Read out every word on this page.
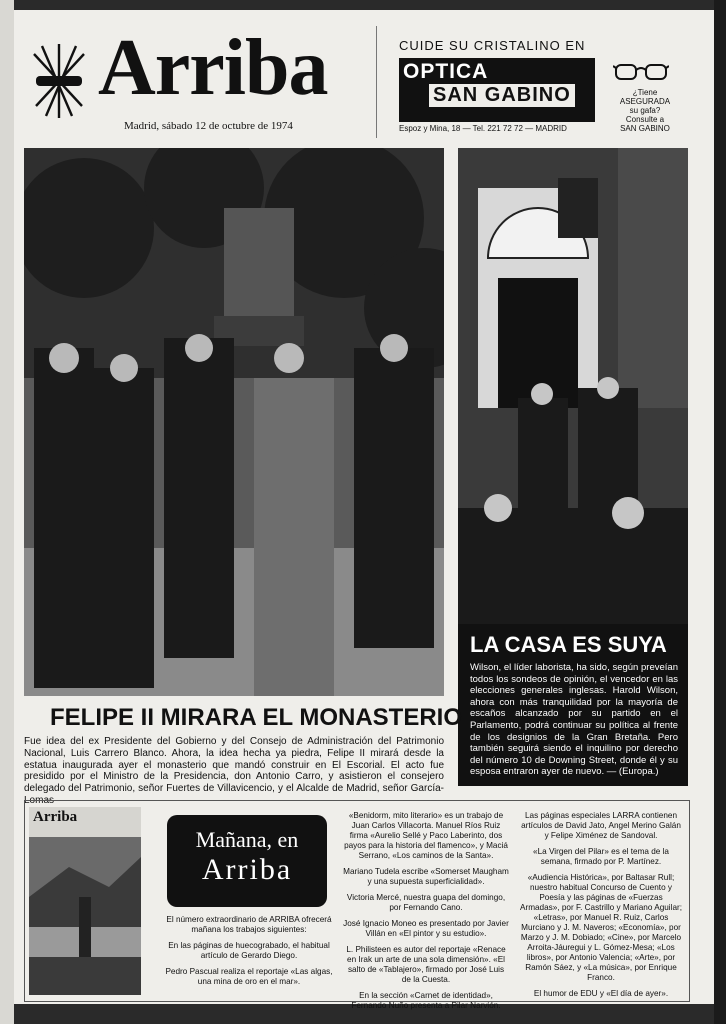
Arriba
Madrid, sábado 12 de octubre de 1974
CUIDE SU CRISTALINO EN
OPTICA
SAN GABINO
Espoz y Mina, 18 — Tel. 221 72 72 — MADRID
¿Tiene
ASEGURADA
su gafa?
Consulte a
SAN GABINO
LA CASA ES SUYA
Wilson, el líder laborista, ha sido, según preveían todos los sondeos de opinión, el vencedor en las elecciones generales inglesas. Harold Wilson, ahora con más tranquilidad por la mayoría de escaños alcanzado por su partido en el Parlamento, podrá continuar su política al frente de los designios de la Gran Bretaña. Pero también seguirá siendo el inquilino por derecho del número 10 de Downing Street, donde él y su esposa entraron ayer de nuevo. — (Europa.)
FELIPE II MIRARA EL MONASTERIO
Fue idea del ex Presidente del Gobierno y del Consejo de Administración del Patrimonio Nacional, Luis Carrero Blanco. Ahora, la idea hecha ya piedra, Felipe II mirará desde la estatua inaugurada ayer el monasterio que mandó construir en El Escorial. El acto fue presidido por el Ministro de la Presidencia, don Antonio Carro, y asistieron el consejero delegado del Patrimonio, señor Fuertes de Villavicencio, y el Alcalde de Madrid, señor García-Lomas
Arriba
Mañana, en
Arriba

El número extraordinario de ARRIBA ofrecerá mañana los trabajos siguientes:

En las páginas de huecograbado, el habitual artículo de Gerardo Diego.

Pedro Pascual realiza el reportaje «Las algas, una mina de oro en el mar».

«Benidorm, mito literario» es un trabajo de Juan Carlos Villacorta. Manuel Ríos Ruiz firma «Aurelio Sellé y Paco Laberinto, dos payos para la historia del flamenco», y Maciá Serrano, «Los caminos de la Santa».

Mariano Tudela escribe «Somerset Maugham y una supuesta superficialidad».

Victoria Mercé, nuestra guapa del domingo, por Fernando Cano.

José Ignacio Moneo es presentado por Javier Villán en «El pintor y su estudio».

L. Philisteen es autor del reportaje «Renace en Irak un arte de una sola dimensión». «El salto de «Tablajero», firmado por José Luis de la Cuesta.

En la sección «Carnet de identidad», Fernando Nuño presenta a Pilar Narvión.

Las páginas especiales LARRA contienen artículos de David Jato, Angel Merino Galán y Felipe Ximénez de Sandoval.

«La Virgen del Pilar» es el tema de la semana, firmado por P. Martínez.

«Audiencia Histórica», por Baltasar Rull; nuestro habitual Concurso de Cuento y Poesía y las páginas de «Fuerzas Armadas», por F. Castrillo y Mariano Aguilar; «Letras», por Manuel R. Ruiz, Carlos Murciano y J. M. Naveros; «Economía», por Marzo y J. M. Dobiado; «Cine», por Marcelo Arroita-Jáuregui y L. Gómez-Mesa; «Los libros», por Antonio Valencia; «Arte», por Ramón Sáez, y «La música», por Enrique Franco.

El humor de EDU y «El día de ayer».
